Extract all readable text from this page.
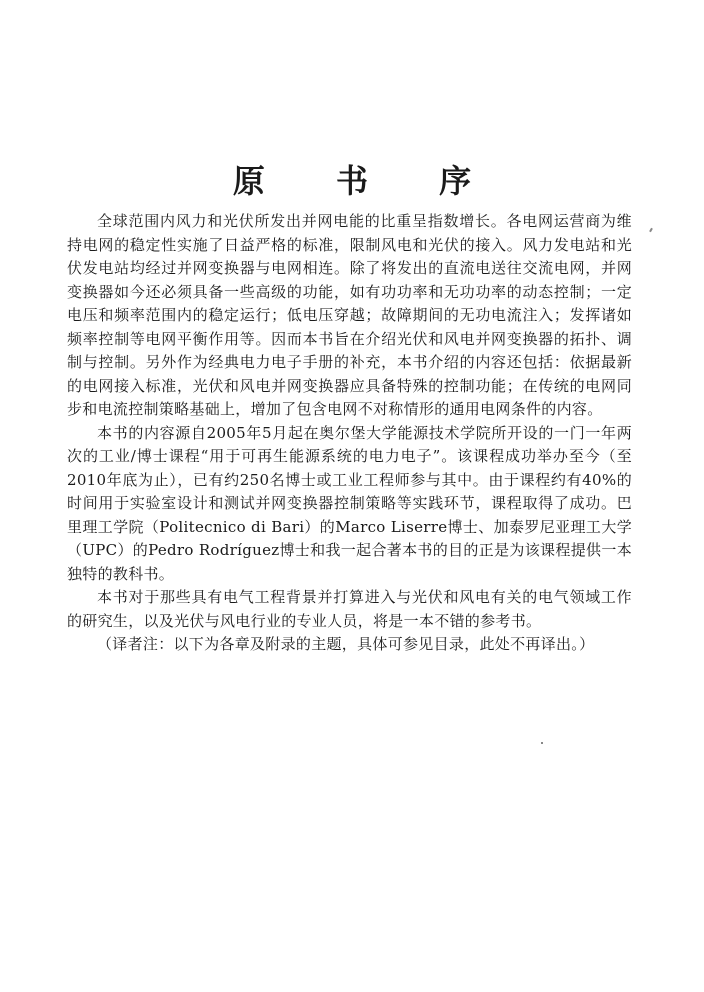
原 书 序

全球范围内风力和光伏所发出并网电能的比重呈指数增长。各电网运营商为维持电网的稳定性实施了日益严格的标准，限制风电和光伏的接入。风力发电站和光伏发电站均经过并网变换器与电网相连。除了将发出的直流电送往交流电网，并网变换器如今还必须具备一些高级的功能，如有功功率和无功功率的动态控制；一定电压和频率范围内的稳定运行；低电压穿越；故障期间的无功电流注入；发挥诸如频率控制等电网平衡作用等。因而本书旨在介绍光伏和风电并网变换器的拓扑、调制与控制。另外作为经典电力电子手册的补充，本书介绍的内容还包括：依据最新的电网接入标准，光伏和风电并网变换器应具备特殊的控制功能；在传统的电网同步和电流控制策略基础上，增加了包含电网不对称情形的通用电网条件的内容。

本书的内容源自2005年5月起在奥尔堡大学能源技术学院所开设的一门一年两次的工业/博士课程“用于可再生能源系统的电力电子”。该课程成功举办至今（至2010年底为止），已有约250名博士或工业工程师参与其中。由于课程约有40%的时间用于实验室设计和测试并网变换器控制策略等实践环节，课程取得了成功。巴里理工学院（Politecnico di Bari）的Marco Liserre博士、加泰罗尼亚理工大学（UPC）的Pedro Rodríguez博士和我一起合著本书的目的正是为该课程提供一本独特的教科书。

本书对于那些具有电气工程背景并打算进入与光伏和风电有关的电气领域工作的研究生，以及光伏与风电行业的专业人员，将是一本不错的参考书。

（译者注：以下为各章及附录的主题，具体可参见目录，此处不再译出。）
